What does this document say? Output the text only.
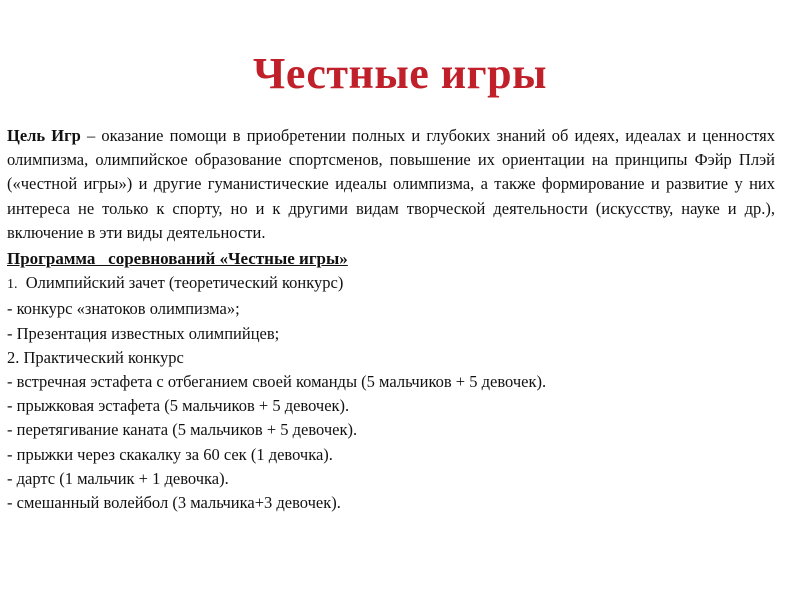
Честные игры

Цель Игр – оказание помощи в приобретении полных и глубоких знаний об идеях, идеалах и ценностях олимпизма, олимпийское образование спортсменов, повышение их ориентации на принципы Фэйр Плэй («честной игры») и другие гуманистические идеалы олимпизма, а также формирование и развитие у них интереса не только к спорту, но и к другими видам творческой деятельности (искусству, науке и др.), включение в эти виды деятельности.

Программа   соревнований «Честные игры»
1.  Олимпийский зачет (теоретический конкурс)
- конкурс «знатоков олимпизма»;
- Презентация известных олимпийцев;
2. Практический конкурс
- встречная эстафета с отбеганием своей команды (5 мальчиков + 5 девочек).
- прыжковая эстафета (5 мальчиков + 5 девочек).
- перетягивание каната (5 мальчиков + 5 девочек).
- прыжки через скакалку за 60 сек (1 девочка).
- дартс (1 мальчик + 1 девочка).
- смешанный волейбол (3 мальчика+3 девочек).
